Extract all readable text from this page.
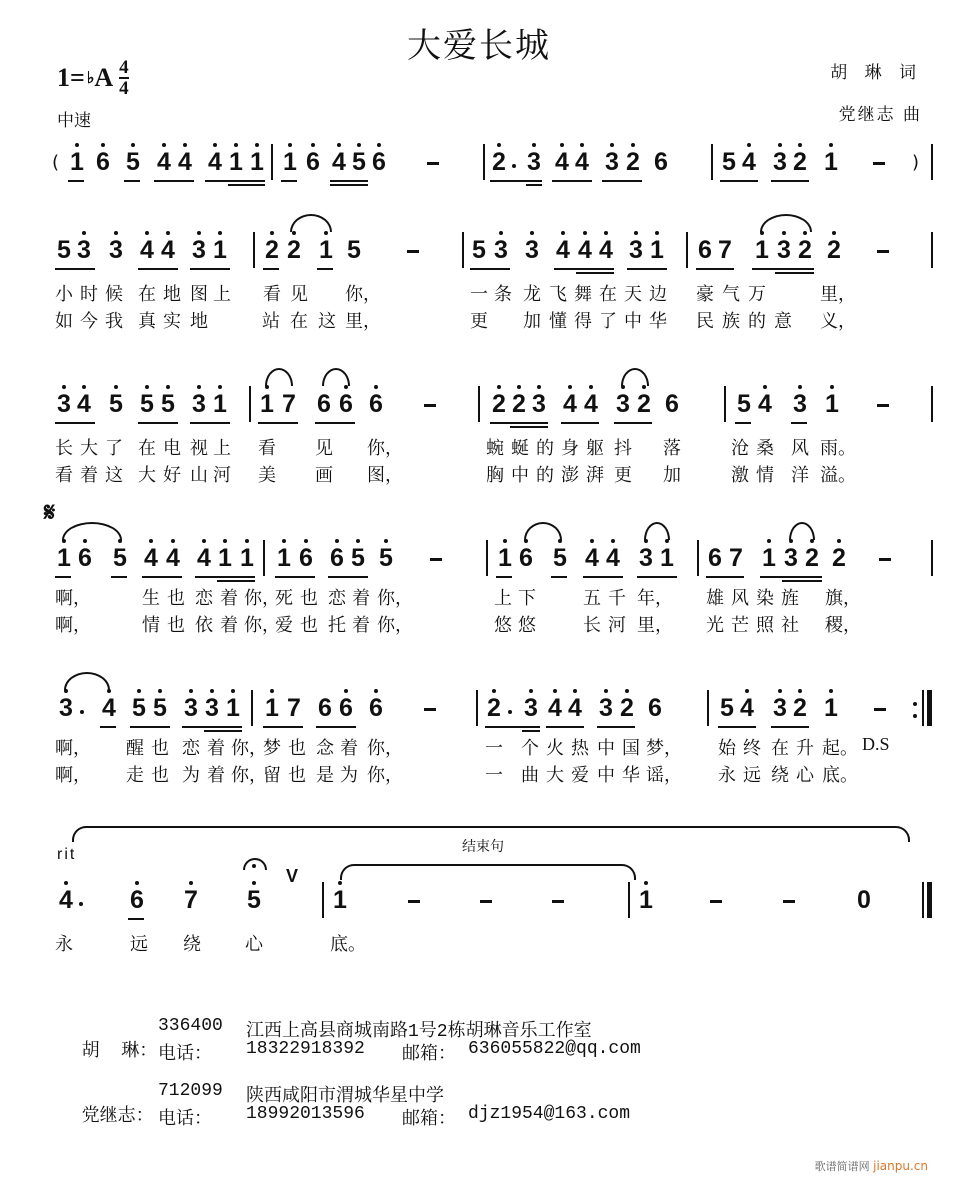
大爱长城
1= ♭ A $\frac{4}{4}$
中速
胡 琳 词
党继志 曲
( 1 6 5 4 4 4 1 1 1 6 4 5 6	2 3 4 4 3 2 6 5 4 3 2 1	)
5 3 3 4 4 3 1 2 2 1 5	5 3 3 4 4 4 3 1 6 7 1 3 2 2
小 时 候 在 地 图 上 看 见 你，	一 条 龙 飞 舞 在 天 边 豪 气 万	里，
如 今 我 真 实 地	站 在 这 里，	更 加 懂 得 了 中 华 民 族 的 意 义，
3 4 5 5 5 3 1 1 7 6 6 6	2 2 3 4 4 3 2 6 5 4 3 1
长 大 了 在 电 视 上 看 见 你，	蜿 蜒 的 身 躯 抖 落	沧 桑 风 雨。
看 着 这 大 好 山 河 美 画 图，	胸 中 的 澎 湃 更 加	激 情 洋 溢。
𝄋
1 6 5 4 4 4 1 1 1 6 6 5 5	1 6 5 4 4 3 1 6 7 1 3 2 2
啊，	生 也 恋 着 你，
死 也 恋 着 你，	上 下	五 千 年， 雄 风 染 旌 旗，
啊，	情 也 依 着 你，
爱 也 托 着 你，	悠 悠	长 河 里， 光 芒 照 社 稷，
3 4 5 5 3 3 1 1 7 6 6 6	2 3 4 4 3 2 6 5 4 3 2 1
啊， 醒 也 恋 着 你，
梦 也 念 着 你，	一 个 火 热 中 国 梦， 始 终 在 升 起。 D.S
啊， 走 也 为 着 你，
留 也 是 为 你，	一 曲 大 爱 中 华 谣， 永 远 绕 心 底。
结束句
rit
V
4 6 7 5	1	1	0
永	远 绕 心	底。

胡  琳：

336400 江西上高县商城南路1号2栋胡琳音乐工作室
电话： 18322918392 邮箱： 636055822@qq.com

党继志：

712099 陕西咸阳市渭城华星中学
电话： 18992013596 邮箱： djz1954@163.com
歌谱简谱网 jianpu.cn
